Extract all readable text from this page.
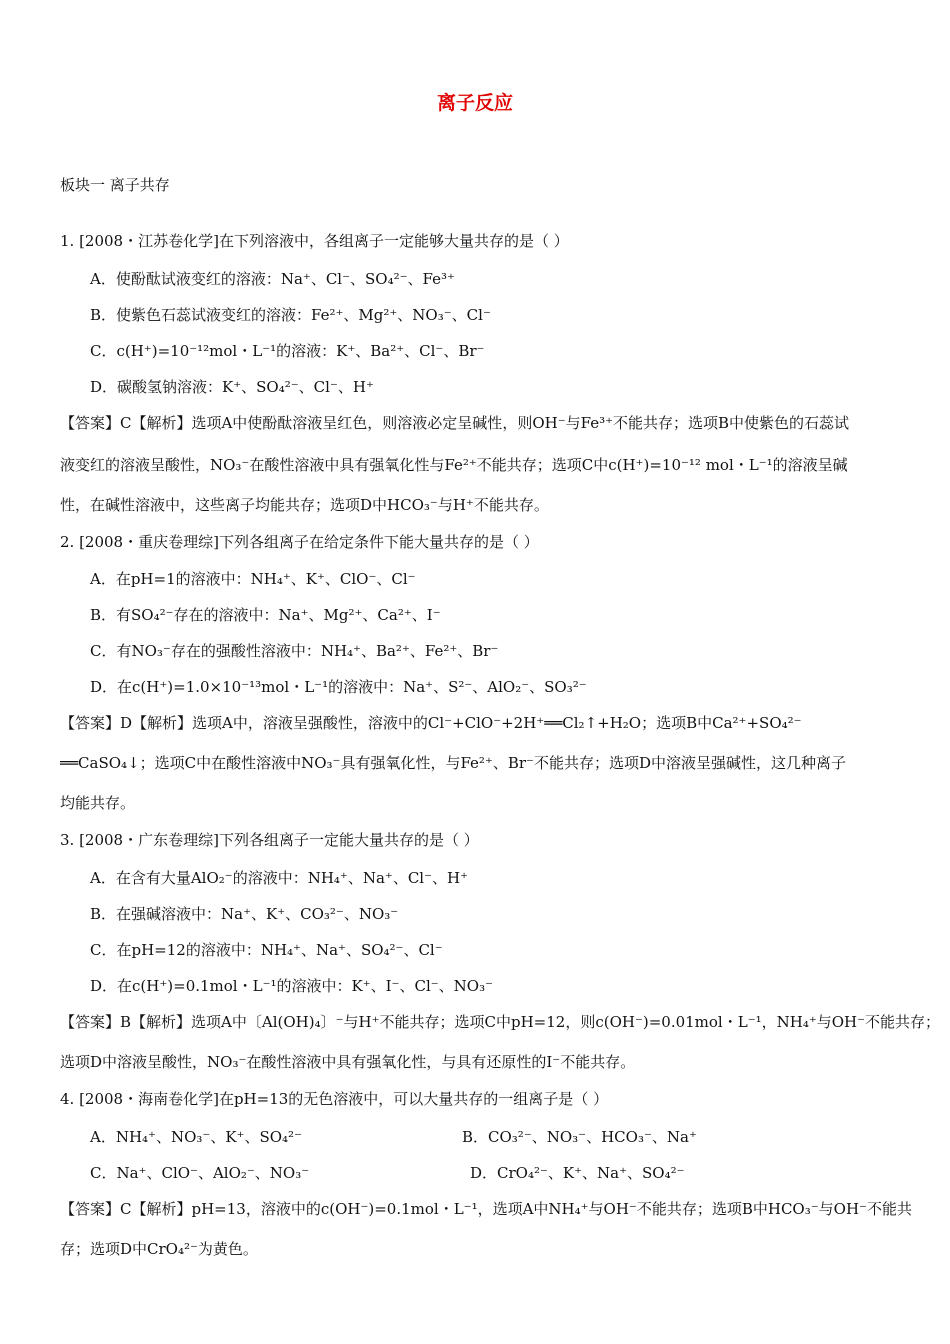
离子反应
板块一 离子共存
1. [2008・江苏卷化学]在下列溶液中，各组离子一定能够大量共存的是（ ）
A．使酚酞试液变红的溶液：Na⁺、Cl⁻、SO₄²⁻、Fe³⁺
B．使紫色石蕊试液变红的溶液：Fe²⁺、Mg²⁺、NO₃⁻、Cl⁻
C．c(H⁺)=10⁻¹²mol・L⁻¹的溶液：K⁺、Ba²⁺、Cl⁻、Br⁻
D．碳酸氢钠溶液：K⁺、SO₄²⁻、Cl⁻、H⁺
【答案】C【解析】选项A中使酚酞溶液呈红色，则溶液必定呈碱性，则OH⁻与Fe³⁺不能共存；选项B中使紫色的石蕊试
液变红的溶液呈酸性，NO₃⁻在酸性溶液中具有强氧化性与Fe²⁺不能共存；选项C中c(H⁺)=10⁻¹² mol・L⁻¹的溶液呈碱
性，在碱性溶液中，这些离子均能共存；选项D中HCO₃⁻与H⁺不能共存。
2. [2008・重庆卷理综]下列各组离子在给定条件下能大量共存的是（ ）
A．在pH=1的溶液中：NH₄⁺、K⁺、ClO⁻、Cl⁻
B．有SO₄²⁻存在的溶液中：Na⁺、Mg²⁺、Ca²⁺、I⁻
C．有NO₃⁻存在的强酸性溶液中：NH₄⁺、Ba²⁺、Fe²⁺、Br⁻
D．在c(H⁺)=1.0×10⁻¹³mol・L⁻¹的溶液中：Na⁺、S²⁻、AlO₂⁻、SO₃²⁻
【答案】D【解析】选项A中，溶液呈强酸性，溶液中的Cl⁻+ClO⁻+2H⁺══Cl₂↑+H₂O；选项B中Ca²⁺+SO₄²⁻
══CaSO₄↓；选项C中在酸性溶液中NO₃⁻具有强氧化性，与Fe²⁺、Br⁻不能共存；选项D中溶液呈强碱性，这几种离子
均能共存。
3. [2008・广东卷理综]下列各组离子一定能大量共存的是（ ）
A．在含有大量AlO₂⁻的溶液中：NH₄⁺、Na⁺、Cl⁻、H⁺
B．在强碱溶液中：Na⁺、K⁺、CO₃²⁻、NO₃⁻
C．在pH=12的溶液中：NH₄⁺、Na⁺、SO₄²⁻、Cl⁻
D．在c(H⁺)=0.1mol・L⁻¹的溶液中：K⁺、I⁻、Cl⁻、NO₃⁻
【答案】B【解析】选项A中〔Al(OH)₄〕⁻与H⁺不能共存；选项C中pH=12，则c(OH⁻)=0.01mol・L⁻¹，NH₄⁺与OH⁻不能共存；
选项D中溶液呈酸性，NO₃⁻在酸性溶液中具有强氧化性，与具有还原性的I⁻不能共存。
4. [2008・海南卷化学]在pH=13的无色溶液中，可以大量共存的一组离子是（ ）
A．NH₄⁺、NO₃⁻、K⁺、SO₄²⁻	B．CO₃²⁻、NO₃⁻、HCO₃⁻、Na⁺
C．Na⁺、ClO⁻、AlO₂⁻、NO₃⁻	D．CrO₄²⁻、K⁺、Na⁺、SO₄²⁻
【答案】C【解析】pH=13，溶液中的c(OH⁻)=0.1mol・L⁻¹，选项A中NH₄⁺与OH⁻不能共存；选项B中HCO₃⁻与OH⁻不能共
存；选项D中CrO₄²⁻为黄色。
